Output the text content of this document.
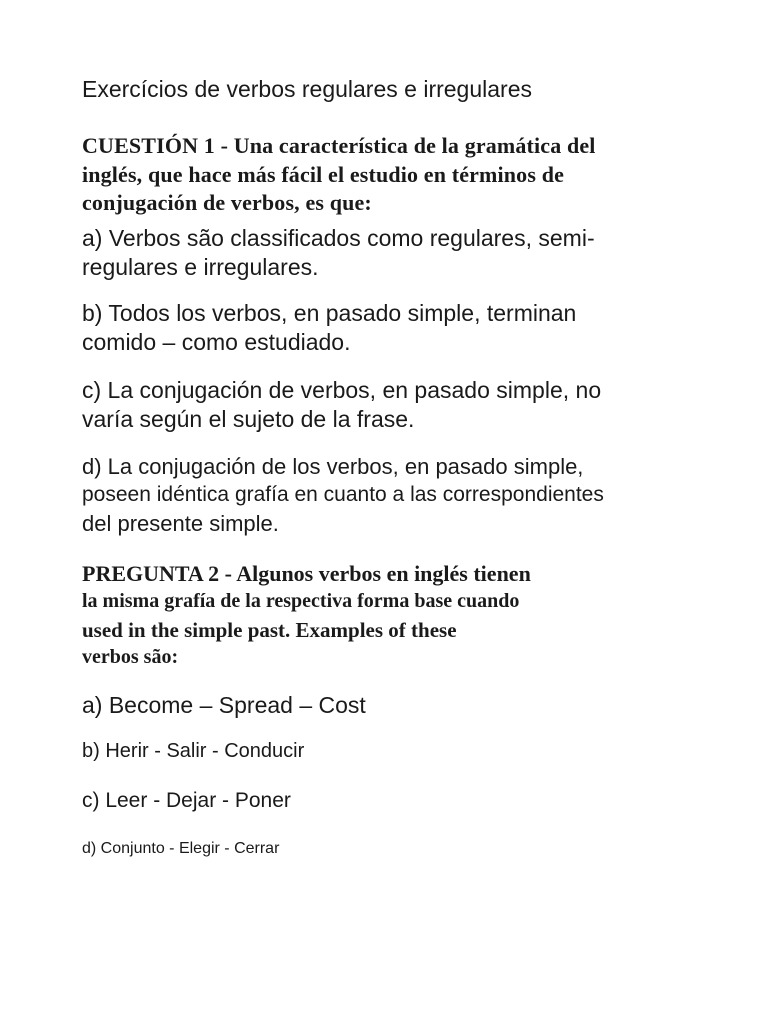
Exercícios de verbos regulares e irregulares
CUESTIÓN 1 - Una característica de la gramática del
inglés, que hace más fácil el estudio en términos de
conjugación de verbos, es que:
a) Verbos são classificados como regulares, semi-
regulares e irregulares.
b) Todos los verbos, en pasado simple, terminan
comido – como estudiado.
c) La conjugación de verbos, en pasado simple, no
varía según el sujeto de la frase.
d) La conjugación de los verbos, en pasado simple,
poseen idéntica grafía en cuanto a las correspondientes
del presente simple.
PREGUNTA 2 - Algunos verbos en inglés tienen
la misma grafía de la respectiva forma base cuando
used in the simple past. Examples of these
verbos são:
a) Become – Spread – Cost
b) Herir - Salir - Conducir
c) Leer - Dejar - Poner
d) Conjunto - Elegir - Cerrar
